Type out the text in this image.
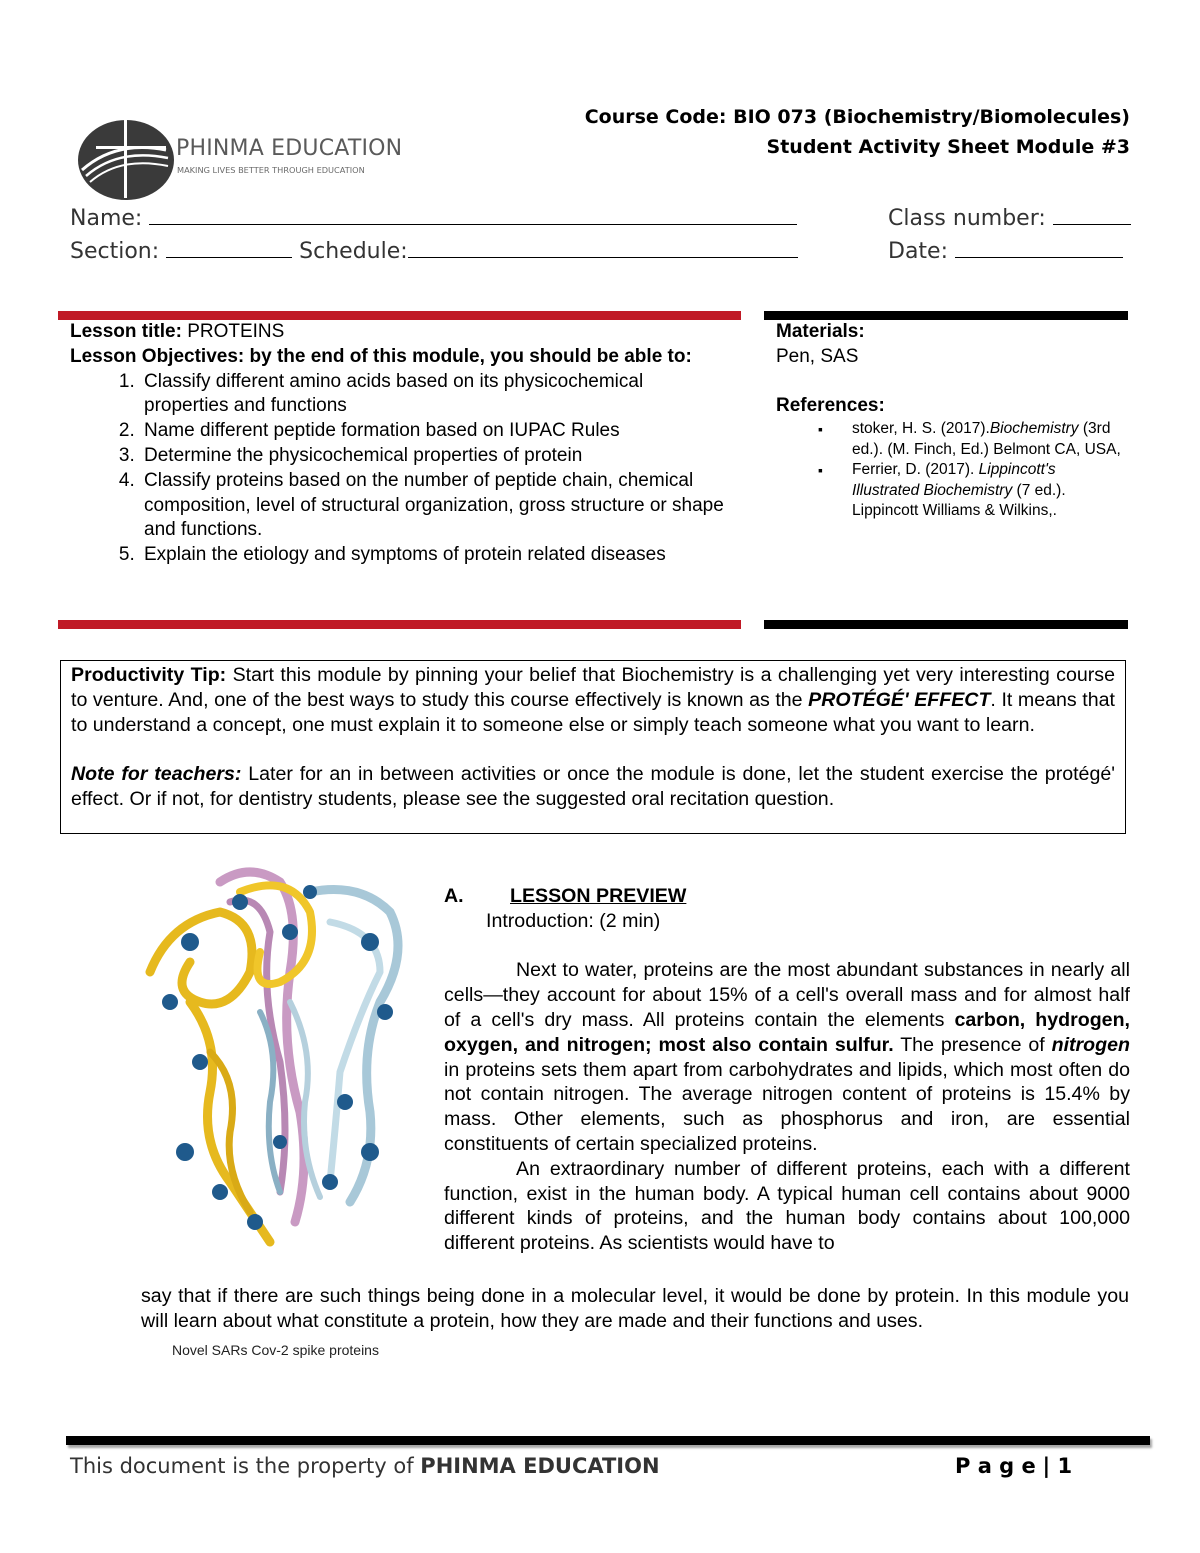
PHINMA EDUCATION
MAKING LIVES BETTER THROUGH EDUCATION
Course Code: BIO 073 (Biochemistry/Biomolecules)
Student Activity Sheet Module #3
Name:	Class number:
Section:	Schedule:	Date:
Lesson title: PROTEINS
Lesson Objectives: by the end of this module, you should be able to:
1. Classify different amino acids based on its physicochemical properties and functions
2. Name different peptide formation based on IUPAC Rules
3. Determine the physicochemical properties of protein
4. Classify proteins based on the number of peptide chain, chemical composition, level of structural organization, gross structure or shape and functions.
5. Explain the etiology and symptoms of protein related diseases
Materials:
Pen, SAS
References:
▪ stoker, H. S. (2017).Biochemistry (3rd ed.). (M. Finch, Ed.) Belmont CA, USA,
▪ Ferrier, D. (2017). Lippincott's Illustrated Biochemistry (7 ed.). Lippincott Williams & Wilkins,.
Productivity Tip: Start this module by pinning your belief that Biochemistry is a challenging yet very interesting course to venture. And, one of the best ways to study this course effectively is known as the PROTÉGÉ' EFFECT. It means that to understand a concept, one must explain it to someone else or simply teach someone what you want to learn.
Note for teachers: Later for an in between activities or once the module is done, let the student exercise the protégé' effect. Or if not, for dentistry students, please see the suggested oral recitation question.
A. LESSON PREVIEW
Introduction: (2 min)

Next to water, proteins are the most abundant substances in nearly all cells—they account for about 15% of a cell's overall mass and for almost half of a cell's dry mass. All proteins contain the elements carbon, hydrogen, oxygen, and nitrogen; most also contain sulfur. The presence of nitrogen in proteins sets them apart from carbohydrates and lipids, which most often do not contain nitrogen. The average nitrogen content of proteins is 15.4% by mass. Other elements, such as phosphorus and iron, are essential constituents of certain specialized proteins.

An extraordinary number of different proteins, each with a different function, exist in the human body. A typical human cell contains about 9000 different kinds of proteins, and the human body contains about 100,000 different proteins. As scientists would have to

say that if there are such things being done in a molecular level, it would be done by protein. In this module you will learn about what constitute a protein, how they are made and their functions and uses.
Novel SARs Cov-2 spike proteins
This document is the property of PHINMA EDUCATION	P a g e | 1
